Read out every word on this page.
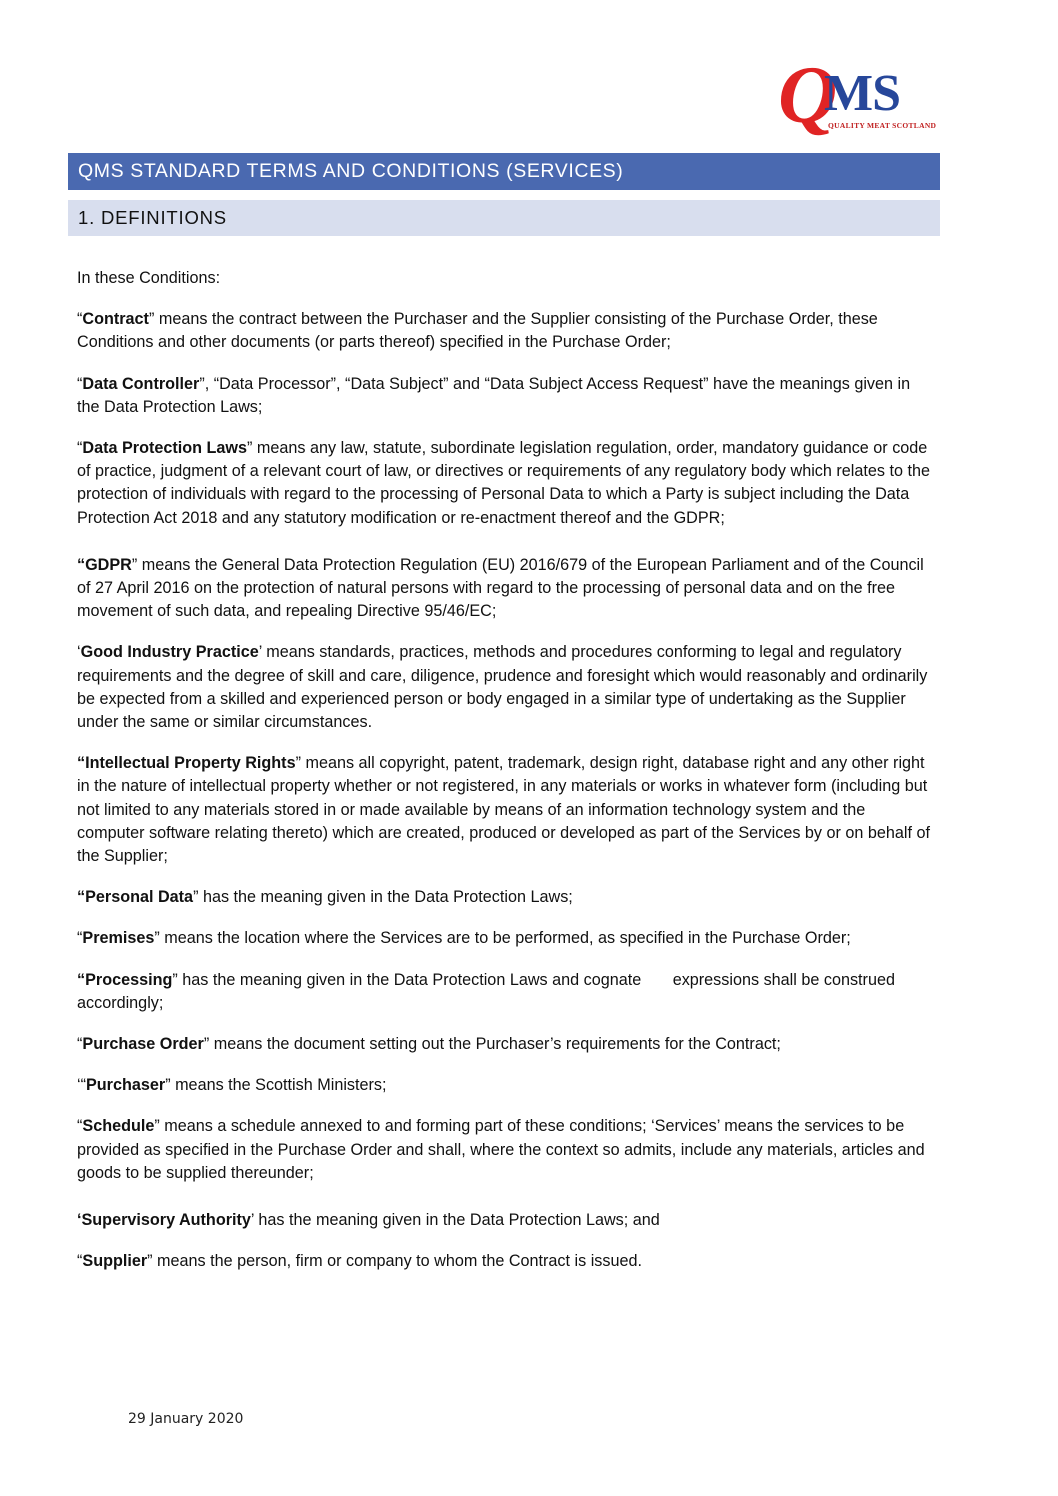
Q
MS
QUALITY MEAT SCOTLAND
QMS STANDARD TERMS AND CONDITIONS (SERVICES)
1. DEFINITIONS

In these Conditions:

“Contract” means the contract between the Purchaser and the Supplier consisting of the Purchase Order, these Conditions and other documents (or parts thereof) specified in the Purchase Order;

“Data Controller”, “Data Processor”, “Data Subject” and “Data Subject Access Request” have the meanings given in the Data Protection Laws;

“Data Protection Laws” means any law, statute, subordinate legislation regulation, order, mandatory guidance or code of practice, judgment of a relevant court of law, or directives or requirements of any regulatory body which relates to the protection of individuals with regard to the processing of Personal Data to which a Party is subject including the Data Protection Act 2018 and any statutory modification or re-enactment thereof and the GDPR;

“GDPR” means the General Data Protection Regulation (EU) 2016/679 of the European Parliament and of the Council of 27 April 2016 on the protection of natural persons with regard to the processing of personal data and on the free movement of such data, and repealing Directive 95/46/EC;

‘Good Industry Practice’ means standards, practices, methods and procedures conforming to legal and regulatory requirements and the degree of skill and care, diligence, prudence and foresight which would reasonably and ordinarily be expected from a skilled and experienced person or body engaged in a similar type of undertaking as the Supplier under the same or similar circumstances.

“Intellectual Property Rights” means all copyright, patent, trademark, design right, database right and any other right in the nature of intellectual property whether or not registered, in any materials or works in whatever form (including but not limited to any materials stored in or made available by means of an information technology system and the computer software relating thereto) which are created, produced or developed as part of the Services by or on behalf of the Supplier;

“Personal Data” has the meaning given in the Data Protection Laws;

“Premises” means the location where the Services are to be performed, as specified in the Purchase Order;

“Processing” has the meaning given in the Data Protection Laws and cognate       expressions shall be construed accordingly;

“Purchase Order” means the document setting out the Purchaser’s requirements for the Contract;

‘“Purchaser” means the Scottish Ministers;

“Schedule” means a schedule annexed to and forming part of these conditions; ‘Services’ means the services to be provided as specified in the Purchase Order and shall, where the context so admits, include any materials, articles and goods to be supplied thereunder;

‘Supervisory Authority’ has the meaning given in the Data Protection Laws; and

“Supplier” means the person, firm or company to whom the Contract is issued.

29 January 2020
